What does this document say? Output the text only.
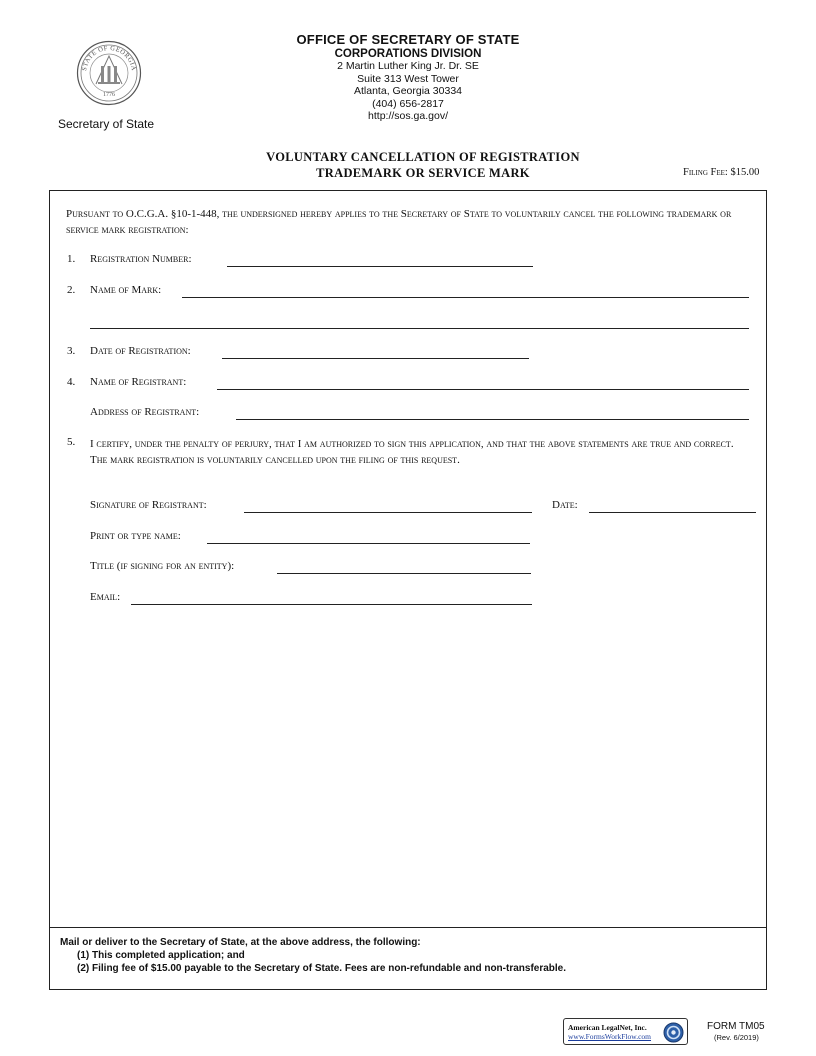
STATE OF GEORGIA
1776
Secretary of State
OFFICE OF SECRETARY OF STATE
CORPORATIONS DIVISION
2 Martin Luther King Jr. Dr. SE
Suite 313 West Tower
Atlanta, Georgia 30334
(404) 656-2817
http://sos.ga.gov/
VOLUNTARY CANCELLATION OF REGISTRATION
TRADEMARK OR SERVICE MARK	Filing Fee: $15.00
Pursuant to O.C.G.A. §10-1-448, the undersigned hereby applies to the Secretary of State to voluntarily cancel the following trademark or service mark registration:
1. Registration Number:
2. Name of Mark:
3. Date of Registration:
4. Name of Registrant:
Address of Registrant:
5. I certify, under the penalty of perjury, that I am authorized to sign this application, and that the above statements are true and correct. The mark registration is voluntarily cancelled upon the filing of this request.
Signature of Registrant:	Date:
Print or type name:
Title (if signing for an entity):
Email:
Mail or deliver to the Secretary of State, at the above address, the following:
(1) This completed application; and
(2) Filing fee of $15.00 payable to the Secretary of State. Fees are non-refundable and non-transferable.
American LegalNet, Inc.
www.FormsWorkFlow.com
FORM TM05
(Rev. 6/2019)
